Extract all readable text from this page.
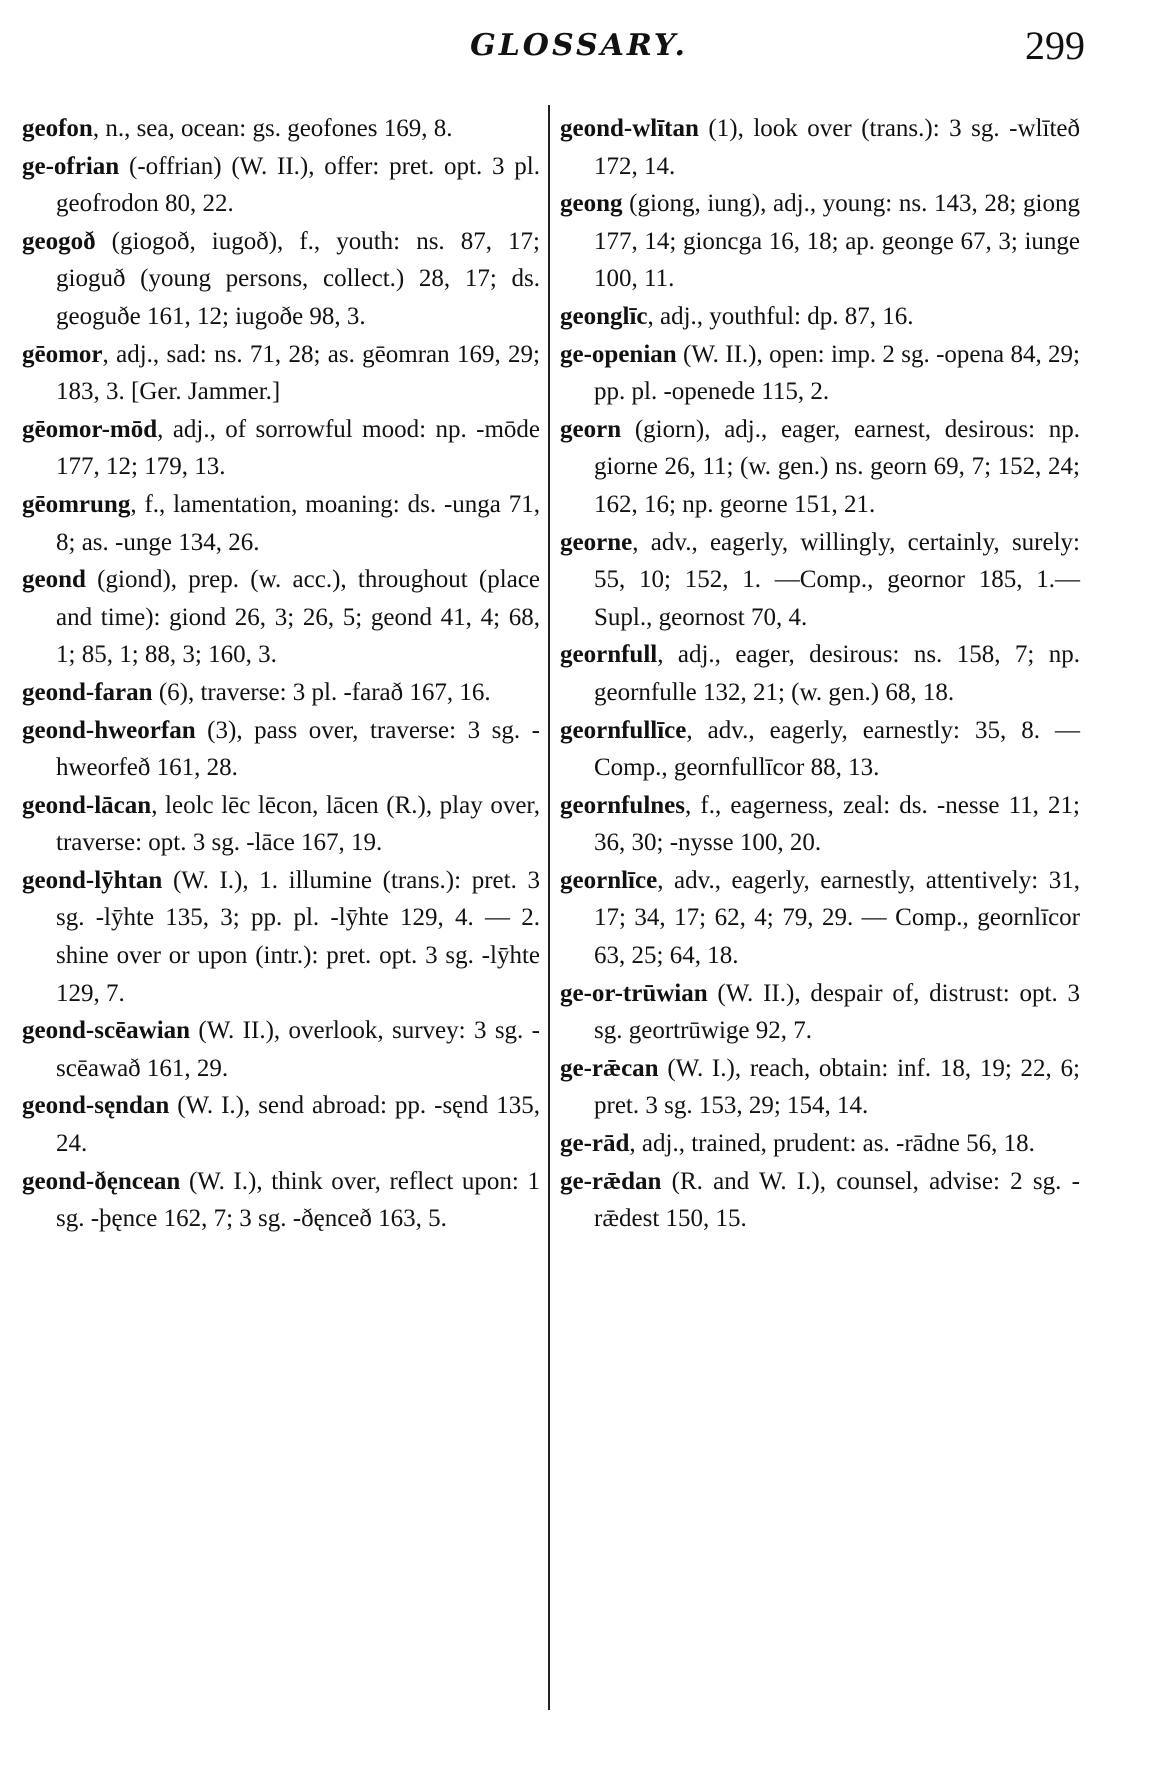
GLOSSARY.	299

geofon, n., sea, ocean: gs. geofones 169, 8.

ge-ofrian (-offrian) (W. II.), offer: pret. opt. 3 pl. geofrodon 80, 22.

geogoð (giogoð, iugoð), f., youth: ns. 87, 17; gioguð (young persons, collect.) 28, 17; ds. geoguðe 161, 12; iugoðe 98, 3.

gēomor, adj., sad: ns. 71, 28; as. gēomran 169, 29; 183, 3. [Ger. Jammer.]

gēomor-mōd, adj., of sorrowful mood: np. -mōde 177, 12; 179, 13.

gēomrung, f., lamentation, moaning: ds. -unga 71, 8; as. -unge 134, 26.

geond (giond), prep. (w. acc.), throughout (place and time): giond 26, 3; 26, 5; geond 41, 4; 68, 1; 85, 1; 88, 3; 160, 3.

geond-faran (6), traverse: 3 pl. -farað 167, 16.

geond-hweorfan (3), pass over, traverse: 3 sg. -hweorfeð 161, 28.

geond-lācan, leolc lēc lēcon, lācen (R.), play over, traverse: opt. 3 sg. -lāce 167, 19.

geond-lȳhtan (W. I.), 1. illumine (trans.): pret. 3 sg. -lȳhte 135, 3; pp. pl. -lȳhte 129, 4. — 2. shine over or upon (intr.): pret. opt. 3 sg. -lȳhte 129, 7.

geond-scēawian (W. II.), overlook, survey: 3 sg. -scēawað 161, 29.

geond-sęndan (W. I.), send abroad: pp. -sęnd 135, 24.

geond-ðęncean (W. I.), think over, reflect upon: 1 sg. -þęnce 162, 7; 3 sg. -ðęnceð 163, 5.

geond-wlītan (1), look over (trans.): 3 sg. -wlīteð 172, 14.

geong (giong, iung), adj., young: ns. 143, 28; giong 177, 14; gioncga 16, 18; ap. geonge 67, 3; iunge 100, 11.

geonglīc, adj., youthful: dp. 87, 16.

ge-openian (W. II.), open: imp. 2 sg. -opena 84, 29; pp. pl. -openede 115, 2.

georn (giorn), adj., eager, earnest, desirous: np. giorne 26, 11; (w. gen.) ns. georn 69, 7; 152, 24; 162, 16; np. georne 151, 21.

georne, adv., eagerly, willingly, certainly, surely: 55, 10; 152, 1. —Comp., geornor 185, 1.—Supl., geornost 70, 4.

geornfull, adj., eager, desirous: ns. 158, 7; np. geornfulle 132, 21; (w. gen.) 68, 18.

geornfullīce, adv., eagerly, earnestly: 35, 8. — Comp., geornfullīcor 88, 13.

geornfulnes, f., eagerness, zeal: ds. -nesse 11, 21; 36, 30; -nysse 100, 20.

geornlīce, adv., eagerly, earnestly, attentively: 31, 17; 34, 17; 62, 4; 79, 29. — Comp., geornlīcor 63, 25; 64, 18.

ge-or-trūwian (W. II.), despair of, distrust: opt. 3 sg. geortrūwige 92, 7.

ge-rǣcan (W. I.), reach, obtain: inf. 18, 19; 22, 6; pret. 3 sg. 153, 29; 154, 14.

ge-rād, adj., trained, prudent: as. -rādne 56, 18.

ge-rǣdan (R. and W. I.), counsel, advise: 2 sg. -rǣdest 150, 15.
